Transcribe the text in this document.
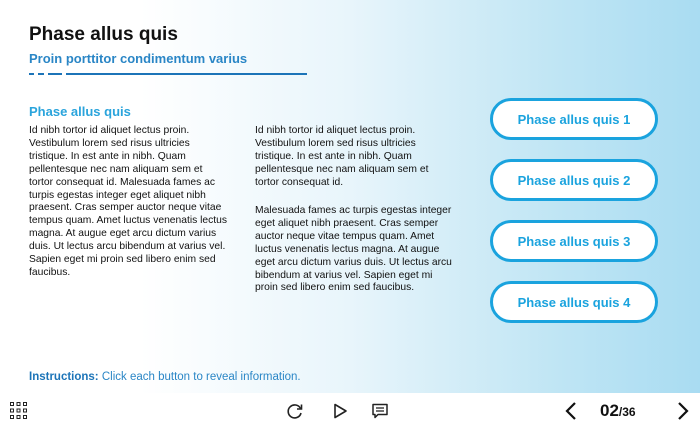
Phase allus quis
Proin porttitor condimentum varius
Phase allus quis
Id nibh tortor id aliquet lectus proin. Vestibulum lorem sed risus ultricies tristique. In est ante in nibh. Quam pellentesque nec nam aliquam sem et tortor consequat id. Malesuada fames ac turpis egestas integer eget aliquet nibh praesent. Cras semper auctor neque vitae tempus quam. Amet luctus venenatis lectus magna. At augue eget arcu dictum varius duis. Ut lectus arcu bibendum at varius vel. Sapien eget mi proin sed libero enim sed faucibus.
Id nibh tortor id aliquet lectus proin. Vestibulum lorem sed risus ultricies tristique. In est ante in nibh. Quam pellentesque nec nam aliquam sem et tortor consequat id.
Malesuada fames ac turpis egestas integer eget aliquet nibh praesent. Cras semper auctor neque vitae tempus quam. Amet luctus venenatis lectus magna. At augue eget arcu dictum varius duis. Ut lectus arcu bibendum at varius vel. Sapien eget mi proin sed libero enim sed faucibus.
Phase allus quis 1
Phase allus quis 2
Phase allus quis 3
Phase allus quis 4
Instructions: Click each button to reveal information.
02/36
